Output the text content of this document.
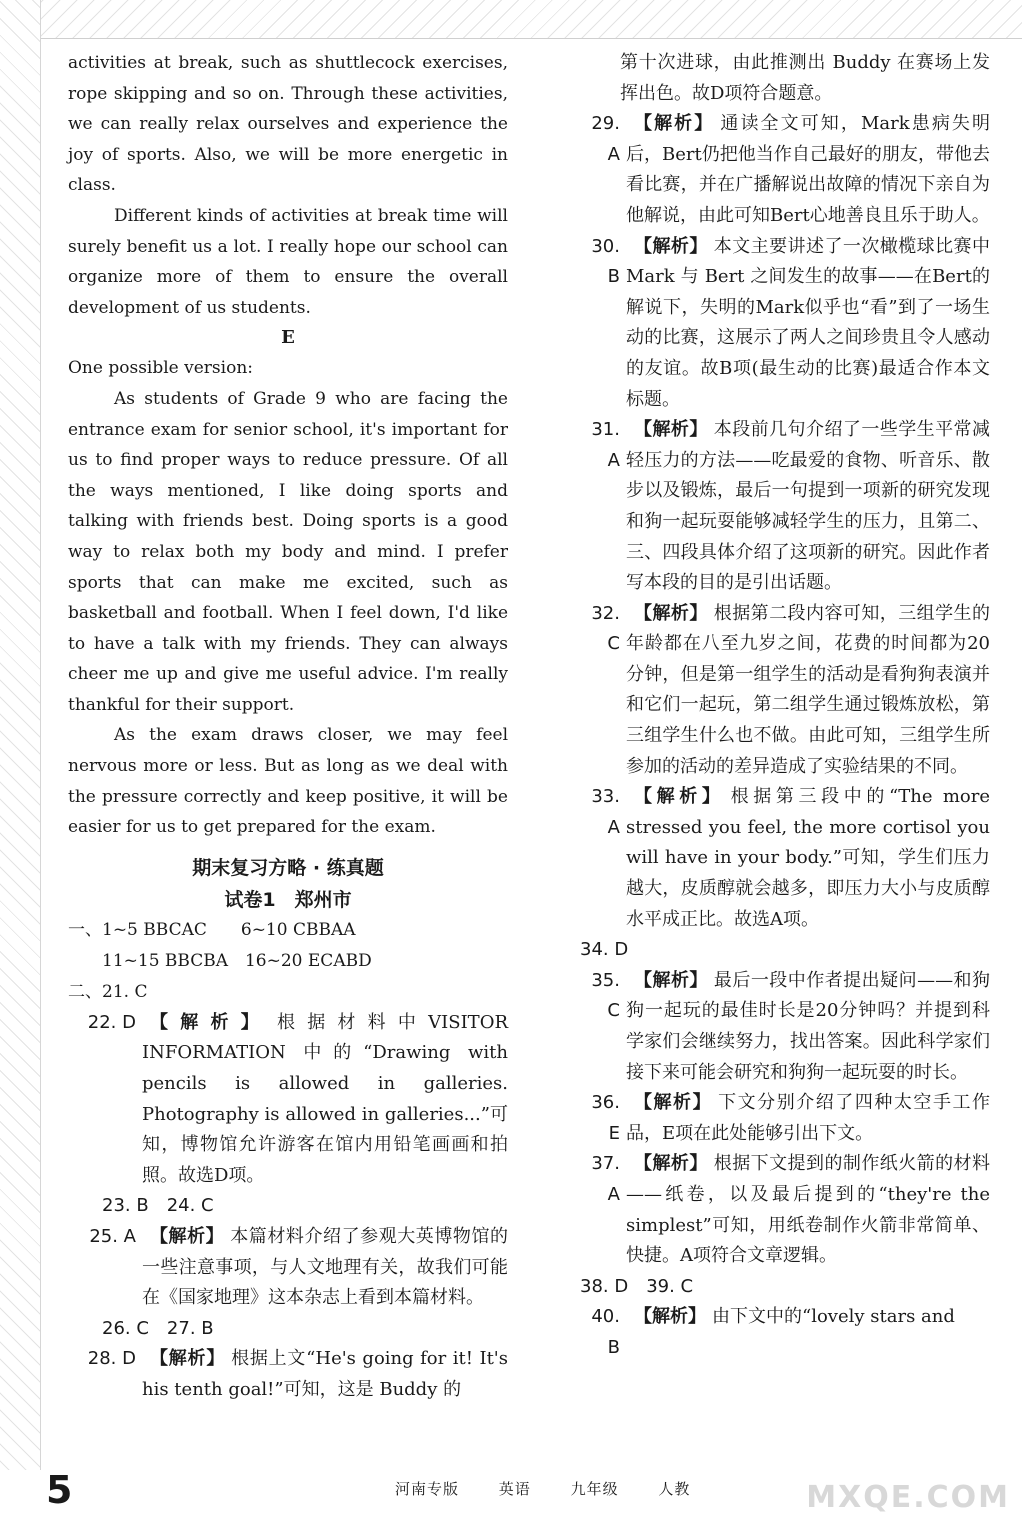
activities at break, such as shuttlecock exercises, rope skipping and so on. Through these activities, we can really relax ourselves and experience the joy of sports. Also, we will be more energetic in class.

Different kinds of activities at break time will surely benefit us a lot. I really hope our school can organize more of them to ensure the overall development of us students.

E

One possible version:

As students of Grade 9 who are facing the entrance exam for senior school, it's important for us to find proper ways to reduce pressure. Of all the ways mentioned, I like doing sports and talking with friends best. Doing sports is a good way to relax both my body and mind. I prefer sports that can make me excited, such as basketball and football. When I feel down, I'd like to have a talk with my friends. They can always cheer me up and give me useful advice. I'm really thankful for their support.

As the exam draws closer, we may feel nervous more or less. But as long as we deal with the pressure correctly and keep positive, it will be easier for us to get prepared for the exam.

期末复习方略 · 练真题

试卷1　郑州市

一、1~5 BBCAC　　6~10 CBBAA

11~15 BBCBA　16~20 ECABD

二、21. C

22. D 【解析】 根据材料中VISITOR INFORMATION 中的“Drawing with pencils is allowed in galleries. Photography is allowed in galleries...”可知，博物馆允许游客在馆内用铅笔画画和拍照。故选D项。
23. B　24. C
25. A 【解析】 本篇材料介绍了参观大英博物馆的一些注意事项，与人文地理有关，故我们可能在《国家地理》这本杂志上看到本篇材料。
26. C　27. B
28. D 【解析】 根据上文“He's going for it! It's his tenth goal!”可知，这是 Buddy 的

第十次进球，由此推测出 Buddy 在赛场上发挥出色。故D项符合题意。

29. A
【解析】 通读全文可知，Mark患病失明后，Bert仍把他当作自己最好的朋友，带他去看比赛，并在广播解说出故障的情况下亲自为他解说，由此可知Bert心地善良且乐于助人。
30. B
【解析】 本文主要讲述了一次橄榄球比赛中 Mark 与 Bert 之间发生的故事——在Bert的解说下，失明的Mark似乎也“看”到了一场生动的比赛，这展示了两人之间珍贵且令人感动的友谊。故B项(最生动的比赛)最适合作本文标题。
31. A
【解析】 本段前几句介绍了一些学生平常减轻压力的方法——吃最爱的食物、听音乐、散步以及锻炼，最后一句提到一项新的研究发现和狗一起玩耍能够减轻学生的压力，且第二、三、四段具体介绍了这项新的研究。因此作者写本段的目的是引出话题。
32. C
【解析】 根据第二段内容可知，三组学生的年龄都在八至九岁之间，花费的时间都为20分钟，但是第一组学生的活动是看狗狗表演并和它们一起玩，第二组学生通过锻炼放松，第三组学生什么也不做。由此可知，三组学生所参加的活动的差异造成了实验结果的不同。
33. A
【解析】 根据第三段中的“The more stressed you feel, the more cortisol you will have in your body.”可知，学生们压力越大，皮质醇就会越多，即压力大小与皮质醇水平成正比。故选A项。
34. D
35. C
【解析】 最后一段中作者提出疑问——和狗狗一起玩的最佳时长是20分钟吗？并提到科学家们会继续努力，找出答案。因此科学家们接下来可能会研究和狗狗一起玩耍的时长。
36. E
【解析】 下文分别介绍了四种太空手工作品，E项在此处能够引出下文。
37. A
【解析】 根据下文提到的制作纸火箭的材料——纸卷，以及最后提到的“they're the simplest”可知，用纸卷制作火箭非常简单、快捷。A项符合文章逻辑。
38. D　39. C
40. B
【解析】 由下文中的“lovely stars and
5	河南专版	英语	九年级	人教	MXQE.COM
